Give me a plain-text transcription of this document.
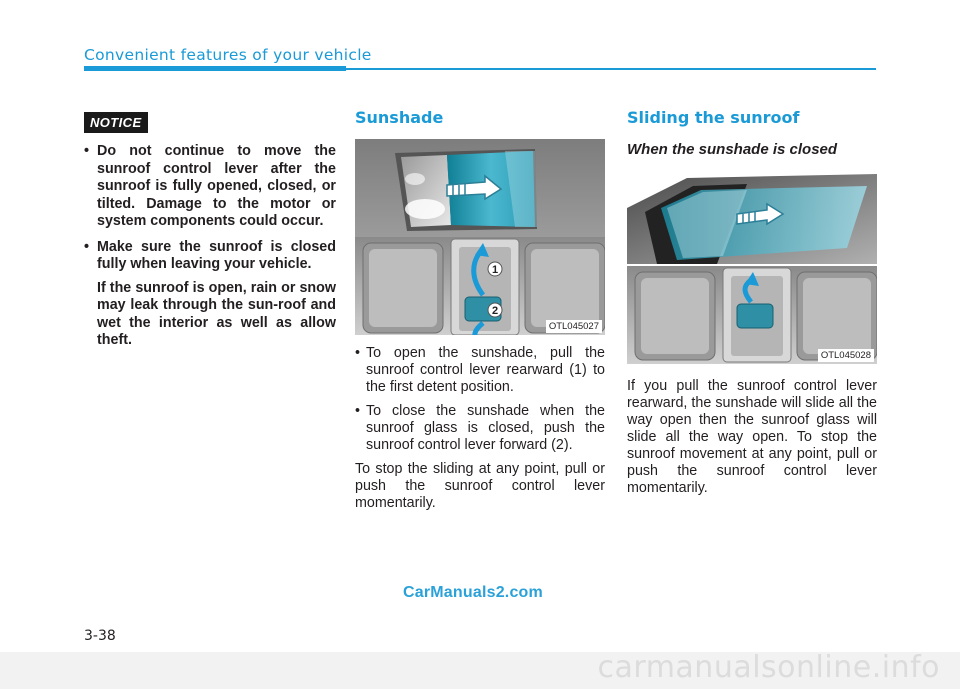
Convenient features of your vehicle
NOTICE
• Do not continue to move the sunroof control lever after the sunroof is fully opened, closed, or tilted. Damage to the motor or system components could occur.
• Make sure the sunroof is closed fully when leaving your vehicle.

If the sunroof is open, rain or snow may leak through the sun-roof and wet the interior as well as allow theft.

Sunshade
1
2
OTL045027
• To open the sunshade, pull the sunroof control lever rearward (1) to the first detent position.
• To close the sunshade when the sunroof glass is closed, push the sunroof control lever forward (2).

To stop the sliding at any point, pull or push the sunroof control lever momentarily.

Sliding the sunroof
When the sunshade is closed
OTL045028

If you pull the sunroof control lever rearward, the sunshade will slide all the way open then the sunroof glass will slide all the way open. To stop the sunroof movement at any point, pull or push the sunroof control lever momentarily.

CarManuals2.com
3-38
carmanualsonline.info
